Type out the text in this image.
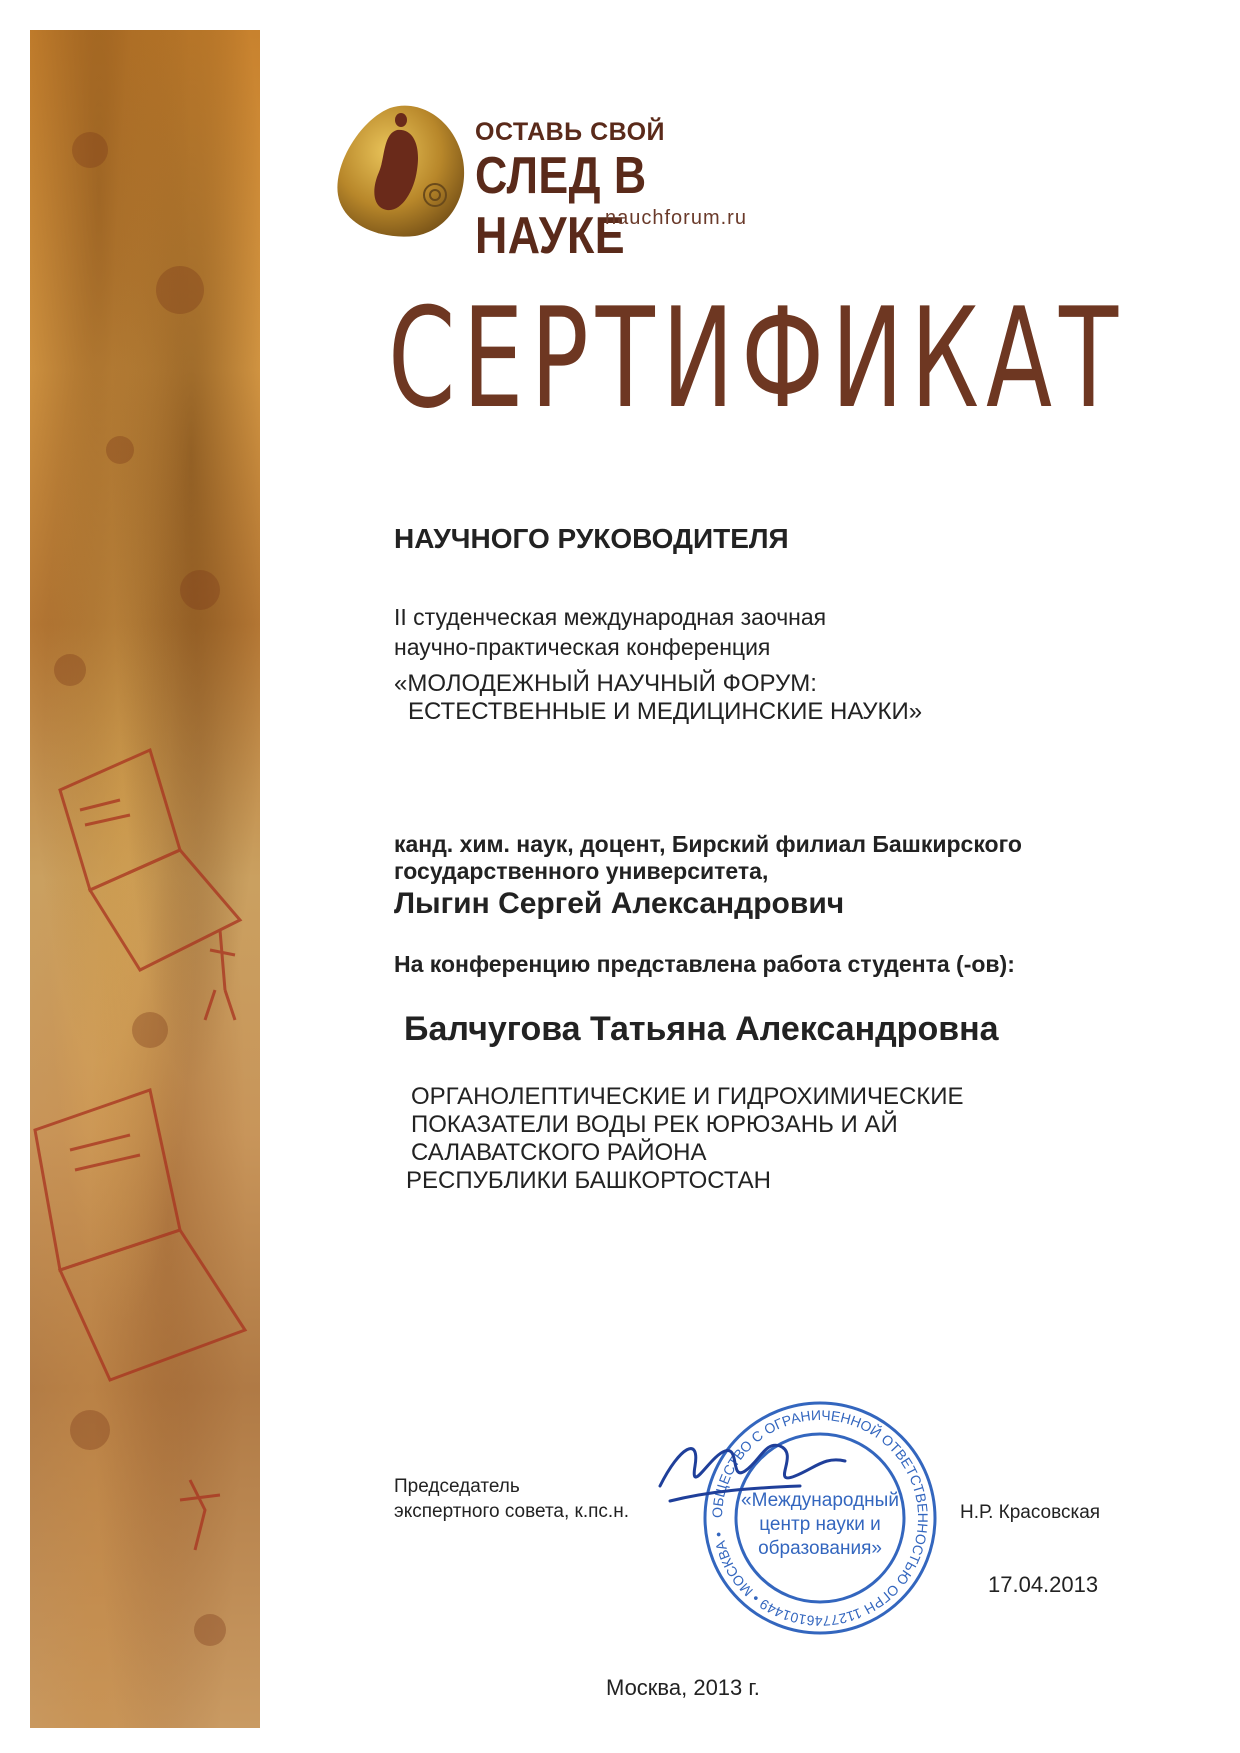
ОСТАВЬ СВОЙ
СЛЕД В НАУКЕ
nauchforum.ru
СЕРТИФИКАТ
НАУЧНОГО РУКОВОДИТЕЛЯ
II студенческая международная заочная
научно-практическая конференция
«МОЛОДЕЖНЫЙ НАУЧНЫЙ ФОРУМ:
ЕСТЕСТВЕННЫЕ И МЕДИЦИНСКИЕ НАУКИ»
канд. хим. наук, доцент, Бирский филиал Башкирского
государственного университета,
Лыгин Сергей Александрович
На конференцию представлена работа студента (-ов):
Балчугова Татьяна Александровна
ОРГАНОЛЕПТИЧЕСКИЕ И ГИДРОХИМИЧЕСКИЕ
ПОКАЗАТЕЛИ ВОДЫ РЕК ЮРЮЗАНЬ И АЙ
САЛАВАТСКОГО РАЙОНА
РЕСПУБЛИКИ БАШКОРТОСТАН
Председатель
экспертного совета, к.пс.н.	ОБЩЕСТВО С ОГРАНИЧЕННОЙ ОТВЕТСТВЕННОСТЬЮ ОГРН 1127746101449 • МОСКВА •
«Международный
центр науки и
образования»
Н.Р. Красовская
17.04.2013
Москва, 2013 г.
